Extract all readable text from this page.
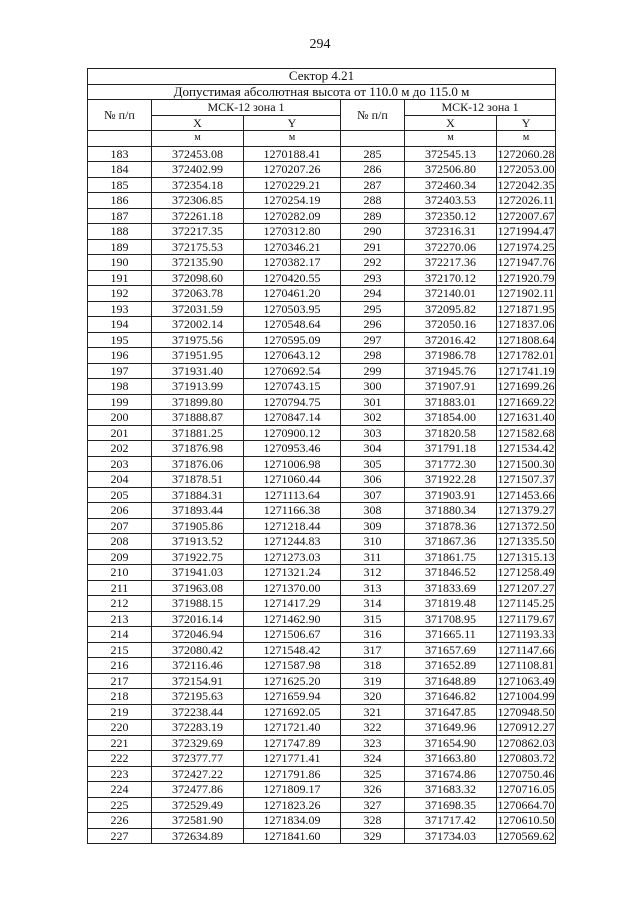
294
Сектор 4.21					
Допустимая абсолютная высота от 110.0 м до 115.0 м					
№ п/п	МСК-12 зона 1		№ п/п	МСК-12 зона 1	
	X	Y		X	Y
	м	м		м	м
183	372453.08	1270188.41	285	372545.13	1272060.28
184	372402.99	1270207.26	286	372506.80	1272053.00
185	372354.18	1270229.21	287	372460.34	1272042.35
186	372306.85	1270254.19	288	372403.53	1272026.11
187	372261.18	1270282.09	289	372350.12	1272007.67
188	372217.35	1270312.80	290	372316.31	1271994.47
189	372175.53	1270346.21	291	372270.06	1271974.25
190	372135.90	1270382.17	292	372217.36	1271947.76
191	372098.60	1270420.55	293	372170.12	1271920.79
192	372063.78	1270461.20	294	372140.01	1271902.11
193	372031.59	1270503.95	295	372095.82	1271871.95
194	372002.14	1270548.64	296	372050.16	1271837.06
195	371975.56	1270595.09	297	372016.42	1271808.64
196	371951.95	1270643.12	298	371986.78	1271782.01
197	371931.40	1270692.54	299	371945.76	1271741.19
198	371913.99	1270743.15	300	371907.91	1271699.26
199	371899.80	1270794.75	301	371883.01	1271669.22
200	371888.87	1270847.14	302	371854.00	1271631.40
201	371881.25	1270900.12	303	371820.58	1271582.68
202	371876.98	1270953.46	304	371791.18	1271534.42
203	371876.06	1271006.98	305	371772.30	1271500.30
204	371878.51	1271060.44	306	371922.28	1271507.37
205	371884.31	1271113.64	307	371903.91	1271453.66
206	371893.44	1271166.38	308	371880.34	1271379.27
207	371905.86	1271218.44	309	371878.36	1271372.50
208	371913.52	1271244.83	310	371867.36	1271335.50
209	371922.75	1271273.03	311	371861.75	1271315.13
210	371941.03	1271321.24	312	371846.52	1271258.49
211	371963.08	1271370.00	313	371833.69	1271207.27
212	371988.15	1271417.29	314	371819.48	1271145.25
213	372016.14	1271462.90	315	371708.95	1271179.67
214	372046.94	1271506.67	316	371665.11	1271193.33
215	372080.42	1271548.42	317	371657.69	1271147.66
216	372116.46	1271587.98	318	371652.89	1271108.81
217	372154.91	1271625.20	319	371648.89	1271063.49
218	372195.63	1271659.94	320	371646.82	1271004.99
219	372238.44	1271692.05	321	371647.85	1270948.50
220	372283.19	1271721.40	322	371649.96	1270912.27
221	372329.69	1271747.89	323	371654.90	1270862.03
222	372377.77	1271771.41	324	371663.80	1270803.72
223	372427.22	1271791.86	325	371674.86	1270750.46
224	372477.86	1271809.17	326	371683.32	1270716.05
225	372529.49	1271823.26	327	371698.35	1270664.70
226	372581.90	1271834.09	328	371717.42	1270610.50
227	372634.89	1271841.60	329	371734.03	1270569.62
